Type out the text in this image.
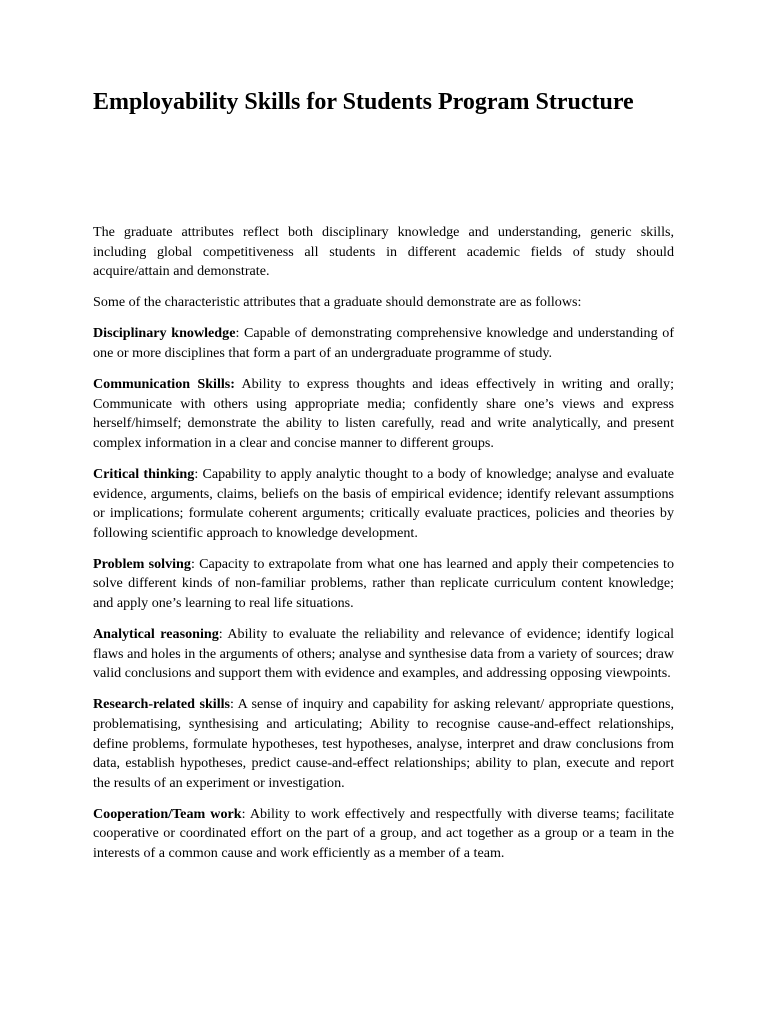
Employability Skills for Students Program Structure

The graduate attributes reflect both disciplinary knowledge and understanding, generic skills, including global competitiveness all students in different academic fields of study should acquire/attain and demonstrate.

Some of the characteristic attributes that a graduate should demonstrate are as follows:

Disciplinary knowledge: Capable of demonstrating comprehensive knowledge and understanding of one or more disciplines that form a part of an undergraduate programme of study.

Communication Skills: Ability to express thoughts and ideas effectively in writing and orally; Communicate with others using appropriate media; confidently share one’s views and express herself/himself; demonstrate the ability to listen carefully, read and write analytically, and present complex information in a clear and concise manner to different groups.

Critical thinking: Capability to apply analytic thought to a body of knowledge; analyse and evaluate evidence, arguments, claims, beliefs on the basis of empirical evidence; identify relevant assumptions or implications; formulate coherent arguments; critically evaluate practices, policies and theories by following scientific approach to knowledge development.

Problem solving: Capacity to extrapolate from what one has learned and apply their competencies to solve different kinds of non-familiar problems, rather than replicate curriculum content knowledge; and apply one’s learning to real life situations.

Analytical reasoning: Ability to evaluate the reliability and relevance of evidence; identify logical flaws and holes in the arguments of others; analyse and synthesise data from a variety of sources; draw valid conclusions and support them with evidence and examples, and addressing opposing viewpoints.

Research-related skills: A sense of inquiry and capability for asking relevant/ appropriate questions, problematising, synthesising and articulating; Ability to recognise cause-and-effect relationships, define problems, formulate hypotheses, test hypotheses, analyse, interpret and draw conclusions from data, establish hypotheses, predict cause-and-effect relationships; ability to plan, execute and report the results of an experiment or investigation.

Cooperation/Team work: Ability to work effectively and respectfully with diverse teams; facilitate cooperative or coordinated effort on the part of a group, and act together as a group or a team in the interests of a common cause and work efficiently as a member of a team.
